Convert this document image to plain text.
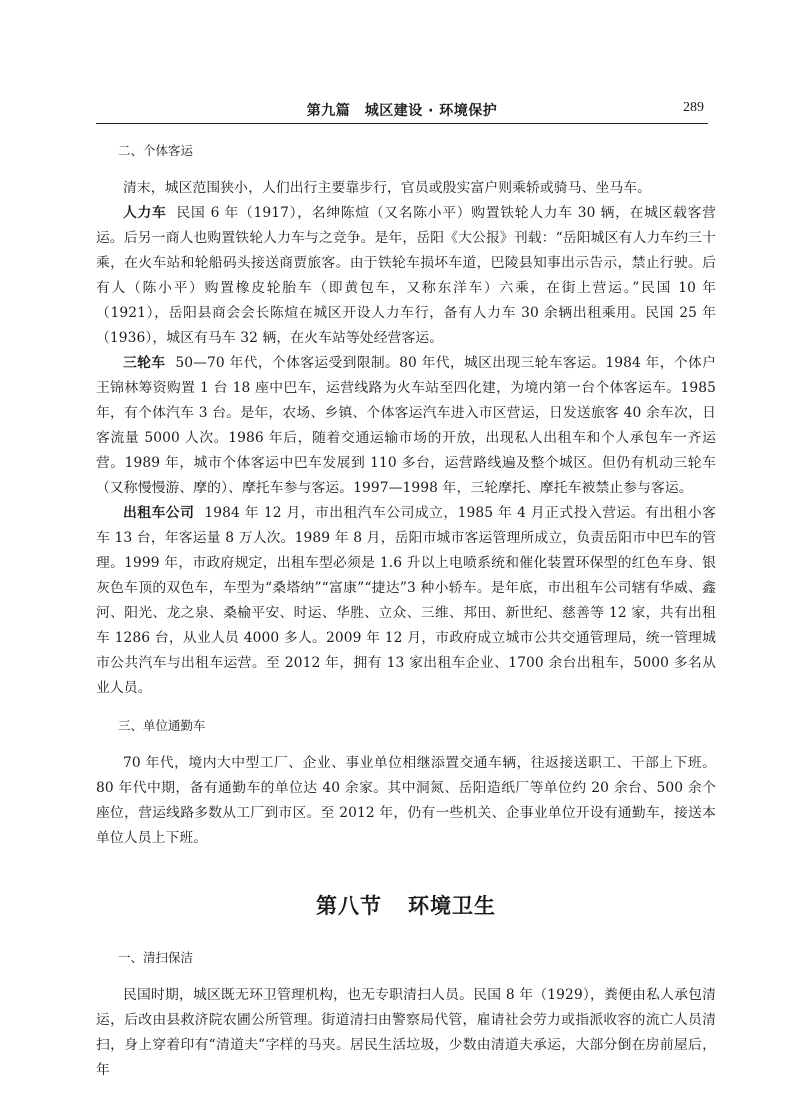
第九篇　城区建设 · 环境保护	289
二、个体客运

清末，城区范围狭小，人们出行主要靠步行，官员或殷实富户则乘轿或骑马、坐马车。

人力车 民国 6 年（1917），名绅陈煊（又名陈小平）购置铁轮人力车 30 辆，在城区载客营运。后另一商人也购置铁轮人力车与之竞争。是年，岳阳《大公报》刊载：“岳阳城区有人力车约三十乘，在火车站和轮船码头接送商贾旅客。由于铁轮车损坏车道，巴陵县知事出示告示，禁止行驶。后有人（陈小平）购置橡皮轮胎车（即黄包车，又称东洋车）六乘，在街上营运。”民国 10 年（1921），岳阳县商会会长陈煊在城区开设人力车行，备有人力车 30 余辆出租乘用。民国 25 年（1936），城区有马车 32 辆，在火车站等处经营客运。

三轮车 50—70 年代，个体客运受到限制。80 年代，城区出现三轮车客运。1984 年，个体户王锦林筹资购置 1 台 18 座中巴车，运营线路为火车站至四化建，为境内第一台个体客运车。1985 年，有个体汽车 3 台。是年，农场、乡镇、个体客运汽车进入市区营运，日发送旅客 40 余车次，日客流量 5000 人次。1986 年后，随着交通运输市场的开放，出现私人出租车和个人承包车一齐运营。1989 年，城市个体客运中巴车发展到 110 多台，运营路线遍及整个城区。但仍有机动三轮车（又称慢慢游、摩的）、摩托车参与客运。1997—1998 年，三轮摩托、摩托车被禁止参与客运。

出租车公司 1984 年 12 月，市出租汽车公司成立，1985 年 4 月正式投入营运。有出租小客车 13 台，年客运量 8 万人次。1989 年 8 月，岳阳市城市客运管理所成立，负责岳阳市中巴车的管理。1999 年，市政府规定，出租车型必须是 1.6 升以上电喷系统和催化装置环保型的红色车身、银灰色车顶的双色车，车型为“桑塔纳”“富康”“捷达”3 种小轿车。是年底，市出租车公司辖有华威、鑫河、阳光、龙之泉、桑榆平安、时运、华胜、立众、三维、邦田、新世纪、慈善等 12 家，共有出租车 1286 台，从业人员 4000 多人。2009 年 12 月，市政府成立城市公共交通管理局，统一管理城市公共汽车与出租车运营。至 2012 年，拥有 13 家出租车企业、1700 余台出租车，5000 多名从业人员。

三、单位通勤车

70 年代，境内大中型工厂、企业、事业单位相继添置交通车辆，往返接送职工、干部上下班。80 年代中期，备有通勤车的单位达 40 余家。其中洞氮、岳阳造纸厂等单位约 20 余台、500 余个座位，营运线路多数从工厂到市区。至 2012 年，仍有一些机关、企事业单位开设有通勤车，接送本单位人员上下班。

第八节 环境卫生
一、清扫保洁

民国时期，城区既无环卫管理机构，也无专职清扫人员。民国 8 年（1929），粪便由私人承包清运，后改由县救济院农圃公所管理。街道清扫由警察局代管，雇请社会劳力或指派收容的流亡人员清扫，身上穿着印有“清道夫”字样的马夹。居民生活垃圾，少数由清道夫承运，大部分倒在房前屋后，年
